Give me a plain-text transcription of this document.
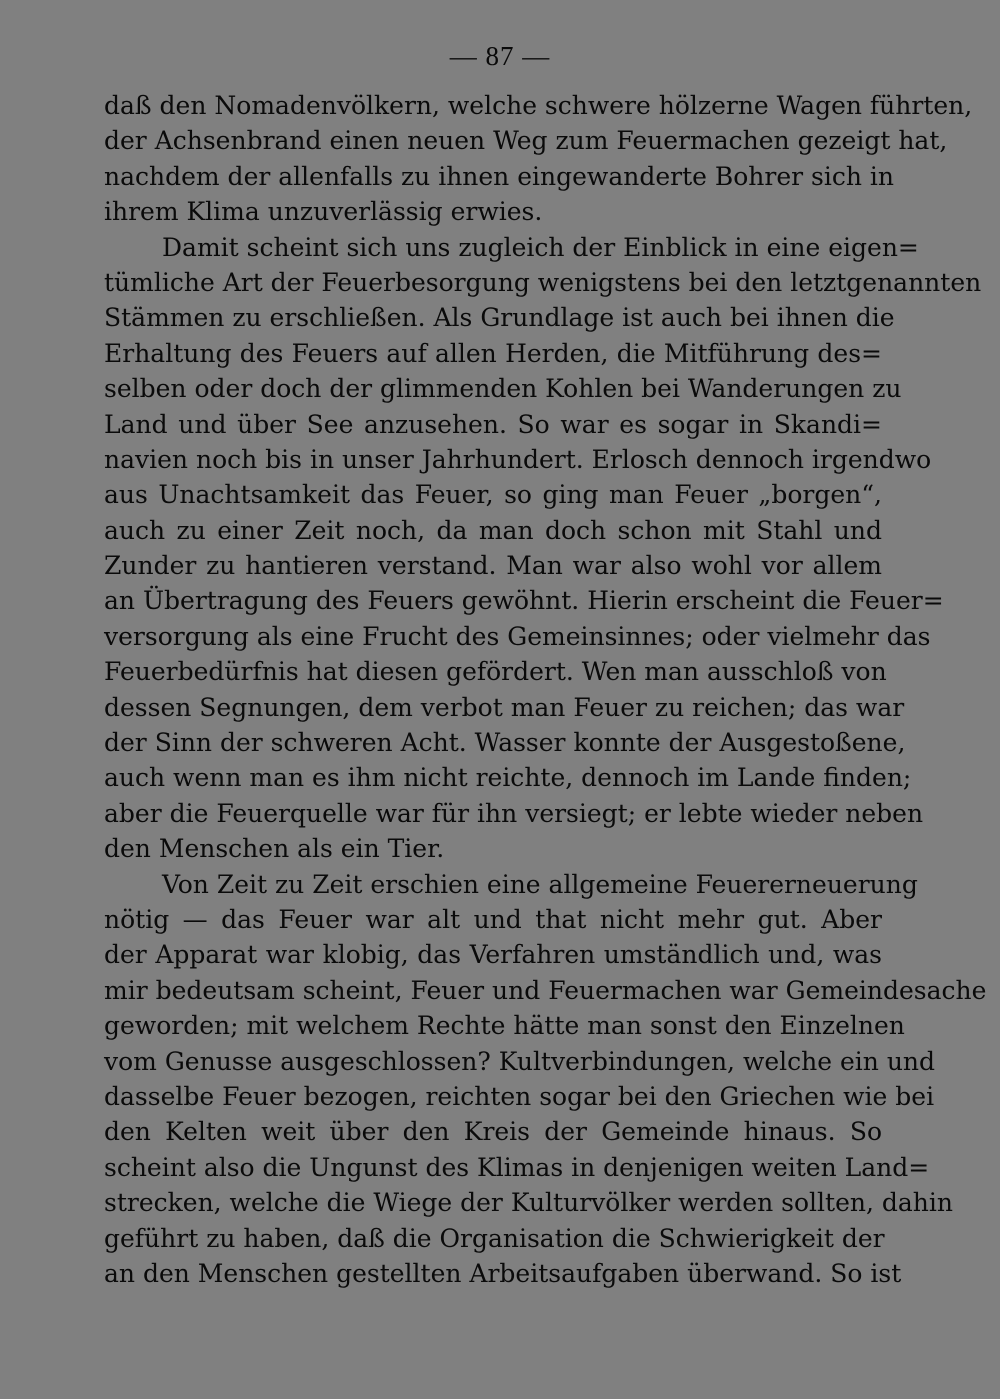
— 87 —
daß den Nomadenvölkern, welche schwere hölzerne Wagen führten,
der Achsenbrand einen neuen Weg zum Feuermachen gezeigt hat,
nachdem der allenfalls zu ihnen eingewanderte Bohrer sich in
ihrem Klima unzuverlässig erwies.
Damit scheint sich uns zugleich der Einblick in eine eigen=
tümliche Art der Feuerbesorgung wenigstens bei den letztgenannten
Stämmen zu erschließen. Als Grundlage ist auch bei ihnen die
Erhaltung des Feuers auf allen Herden, die Mitführung des=
selben oder doch der glimmenden Kohlen bei Wanderungen zu
Land und über See anzusehen. So war es sogar in Skandi=
navien noch bis in unser Jahrhundert. Erlosch dennoch irgendwo
aus Unachtsamkeit das Feuer, so ging man Feuer „borgen“,
auch zu einer Zeit noch, da man doch schon mit Stahl und
Zunder zu hantieren verstand. Man war also wohl vor allem
an Übertragung des Feuers gewöhnt. Hierin erscheint die Feuer=
versorgung als eine Frucht des Gemeinsinnes; oder vielmehr das
Feuerbedürfnis hat diesen gefördert. Wen man ausschloß von
dessen Segnungen, dem verbot man Feuer zu reichen; das war
der Sinn der schweren Acht. Wasser konnte der Ausgestoßene,
auch wenn man es ihm nicht reichte, dennoch im Lande finden;
aber die Feuerquelle war für ihn versiegt; er lebte wieder neben
den Menschen als ein Tier.
Von Zeit zu Zeit erschien eine allgemeine Feuererneuerung
nötig — das Feuer war alt und that nicht mehr gut. Aber
der Apparat war klobig, das Verfahren umständlich und, was
mir bedeutsam scheint, Feuer und Feuermachen war Gemeindesache
geworden; mit welchem Rechte hätte man sonst den Einzelnen
vom Genusse ausgeschlossen? Kultverbindungen, welche ein und
dasselbe Feuer bezogen, reichten sogar bei den Griechen wie bei
den Kelten weit über den Kreis der Gemeinde hinaus. So
scheint also die Ungunst des Klimas in denjenigen weiten Land=
strecken, welche die Wiege der Kulturvölker werden sollten, dahin
geführt zu haben, daß die Organisation die Schwierigkeit der
an den Menschen gestellten Arbeitsaufgaben überwand. So ist
